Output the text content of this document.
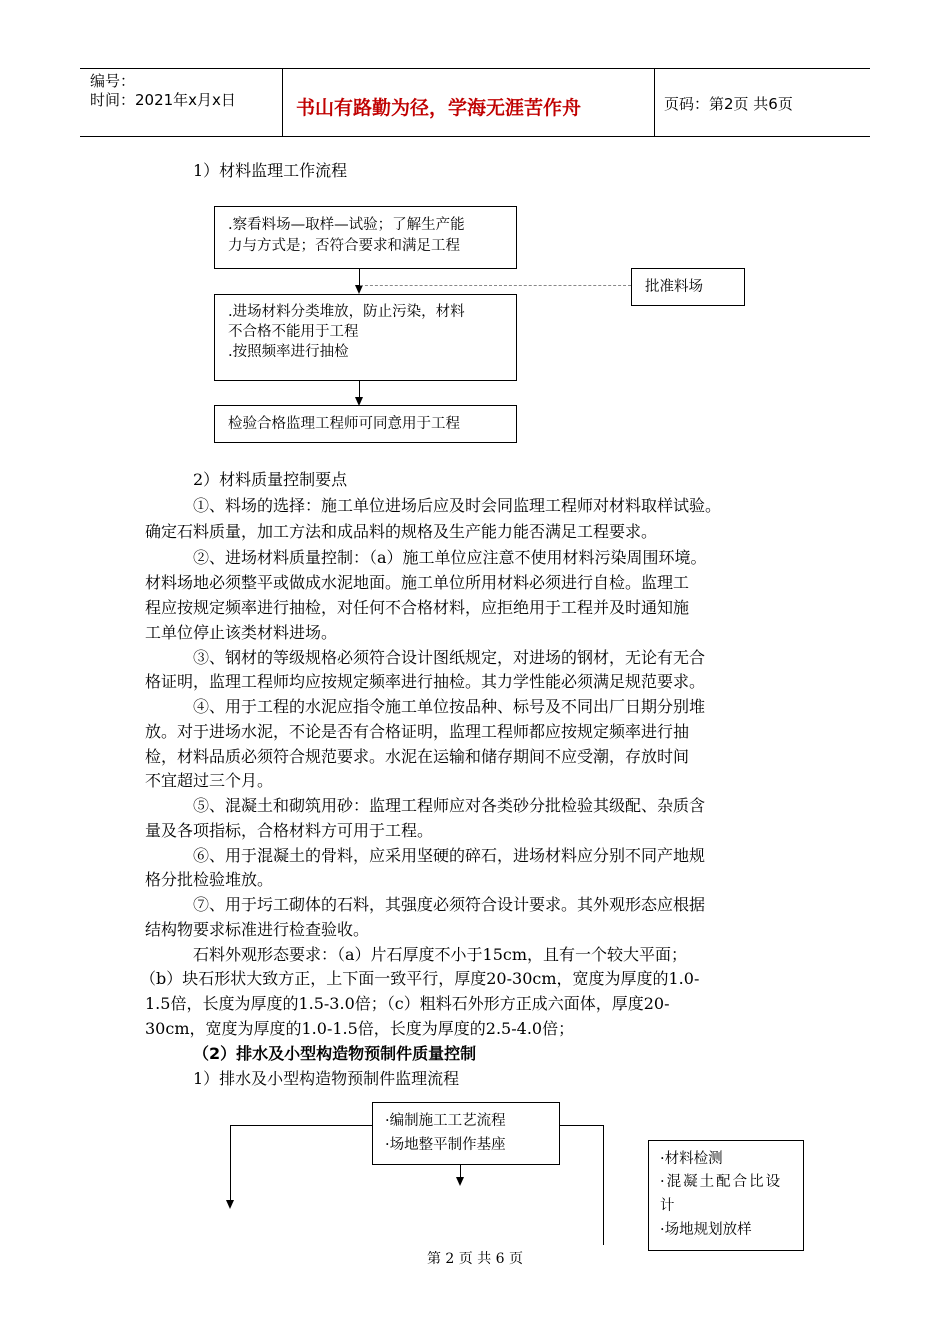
编号：
时间：2021年x月x日	书山有路勤为径，学海无涯苦作舟	页码：第2页 共6页
1）材料监理工作流程
.察看料场—取样—试验；了解生产能
力与方式是；否符合要求和满足工程
批准料场
.进场材料分类堆放，防止污染，材料
不合格不能用于工程
.按照频率进行抽检
检验合格监理工程师可同意用于工程
2）材料质量控制要点
①、料场的选择：施工单位进场后应及时会同监理工程师对材料取样试验。
确定石料质量，加工方法和成品料的规格及生产能力能否满足工程要求。
②、进场材料质量控制：（a）施工单位应注意不使用材料污染周围环境。
材料场地必须整平或做成水泥地面。施工单位所用材料必须进行自检。监理工
程应按规定频率进行抽检，对任何不合格材料，应拒绝用于工程并及时通知施
工单位停止该类材料进场。
③、钢材的等级规格必须符合设计图纸规定，对进场的钢材，无论有无合
格证明，监理工程师均应按规定频率进行抽检。其力学性能必须满足规范要求。
④、用于工程的水泥应指令施工单位按品种、标号及不同出厂日期分别堆
放。对于进场水泥，不论是否有合格证明，监理工程师都应按规定频率进行抽
检，材料品质必须符合规范要求。水泥在运输和储存期间不应受潮，存放时间
不宜超过三个月。
⑤、混凝土和砌筑用砂：监理工程师应对各类砂分批检验其级配、杂质含
量及各项指标，合格材料方可用于工程。
⑥、用于混凝土的骨料，应采用坚硬的碎石，进场材料应分别不同产地规
格分批检验堆放。
⑦、用于圬工砌体的石料，其强度必须符合设计要求。其外观形态应根据
结构物要求标准进行检查验收。
石料外观形态要求：（a）片石厚度不小于15cm，且有一个较大平面；
（b）块石形状大致方正，上下面一致平行，厚度20-30cm，宽度为厚度的1.0-
1.5倍，长度为厚度的1.5-3.0倍；（c）粗料石外形方正成六面体，厚度20-
30cm，宽度为厚度的1.0-1.5倍，长度为厚度的2.5-4.0倍；
（2）排水及小型构造物预制件质量控制
1）排水及小型构造物预制件监理流程
·编制施工工艺流程
·场地整平制作基座
·材料检测
·混凝土配合比设
计
·场地规划放样
第 2 页 共 6 页
